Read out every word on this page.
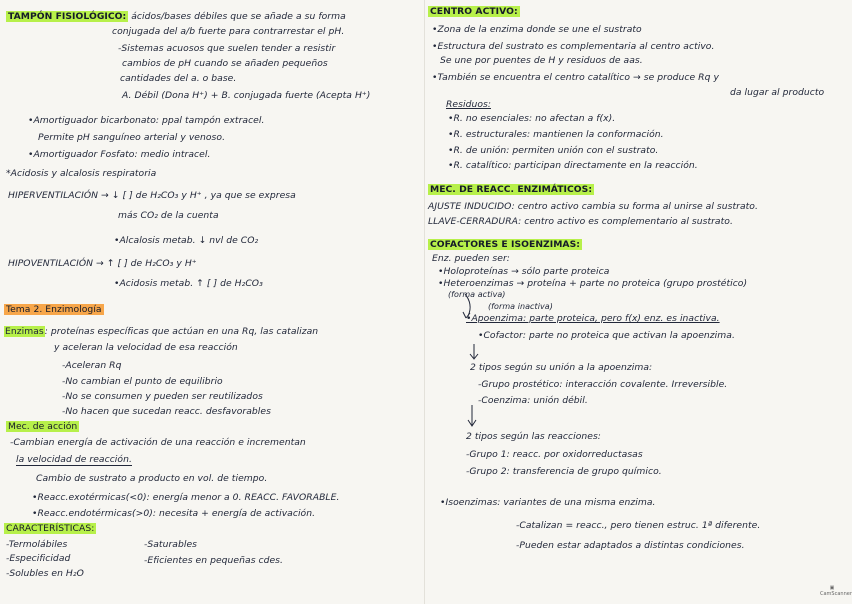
TAMPÓN FISIOLÓGICO: ácidos/bases débiles que se añade a su forma
conjugada del a/b fuerte para contrarrestar el pH.
-Sistemas acuosos que suelen tender a resistir
cambios de pH cuando se añaden pequeños
cantidades del a. o base.
A. Débil (Dona H⁺) + B. conjugada fuerte (Acepta H⁺)
•Amortiguador bicarbonato: ppal tampón extracel.
Permite pH sanguíneo arterial y venoso.
•Amortiguador Fosfato: medio intracel.
*Acidosis y alcalosis respiratoria
HIPERVENTILACIÓN → ↓ [ ] de H₂CO₃ y H⁺ , ya que se expresa
más CO₂ de la cuenta
•Alcalosis metab. ↓ nvl de CO₂
HIPOVENTILACIÓN → ↑ [ ] de H₂CO₃ y H⁺
•Acidosis metab. ↑ [ ] de H₂CO₃
Tema 2. Enzimología
Enzimas: proteínas específicas que actúan en una Rq, las catalizan
y aceleran la velocidad de esa reacción
-Aceleran Rq
-No cambian el punto de equilibrio
-No se consumen y pueden ser reutilizados
-No hacen que sucedan reacc. desfavorables
Mec. de acción
-Cambian energía de activación de una reacción e incrementan
la velocidad de reacción.
Cambio de sustrato a producto en vol. de tiempo.
•Reacc.exotérmicas(<0): energía menor a 0. REACC. FAVORABLE.
•Reacc.endotérmicas(>0): necesita + energía de activación.
CARACTERÍSTICAS:
-Termolábiles
-Especificidad
-Solubles en H₂O
-Saturables
-Eficientes en pequeñas cdes.
CENTRO ACTIVO:
•Zona de la enzima donde se une el sustrato
•Estructura del sustrato es complementaria al centro activo.
Se une por puentes de H y residuos de aas.
•También se encuentra el centro catalítico → se produce Rq y
da lugar al producto
Residuos:
•R. no esenciales: no afectan a f(x).
•R. estructurales: mantienen la conformación.
•R. de unión: permiten unión con el sustrato.
•R. catalítico: participan directamente en la reacción.
MEC. DE REACC. ENZIMÁTICOS:
AJUSTE INDUCIDO: centro activo cambia su forma al unirse al sustrato.
LLAVE-CERRADURA: centro activo es complementario al sustrato.
COFACTORES E ISOENZIMAS:
Enz. pueden ser:
•Holoproteínas → sólo parte proteica
•Heteroenzimas → proteína + parte no proteica (grupo prostético)
(forma activa)
(forma inactiva)
•Apoenzima: parte proteica, pero f(x) enz. es inactiva.
•Cofactor: parte no proteica que activan la apoenzima.
2 tipos según su unión a la apoenzima:
-Grupo prostético: interacción covalente. Irreversible.
-Coenzima: unión débil.
2 tipos según las reacciones:
-Grupo 1: reacc. por oxidorreductasas
-Grupo 2: transferencia de grupo químico.
•Isoenzimas: variantes de una misma enzima.
-Catalizan = reacc., pero tienen estruc. 1ª diferente.
-Pueden estar adaptados a distintas condiciones.
▣
CamScanner
